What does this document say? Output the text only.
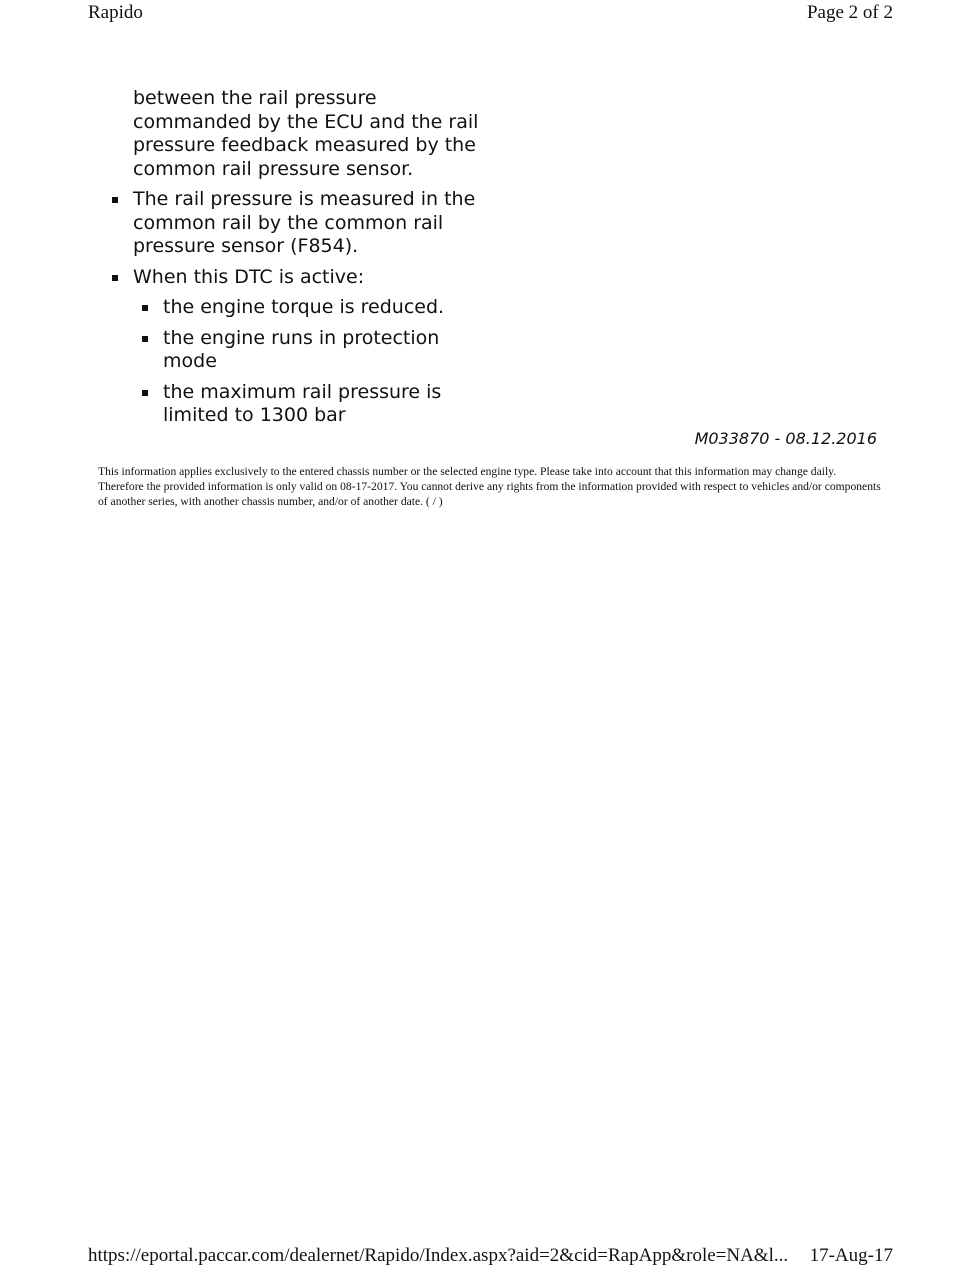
Rapido	Page 2 of 2

between the rail pressure commanded by the ECU and the rail pressure feedback measured by the common rail pressure sensor.

The rail pressure is measured in the common rail by the common rail pressure sensor (F854).
When this DTC is active:
the engine torque is reduced.
the engine runs in protection mode
the maximum rail pressure is limited to 1300 bar
M033870 - 08.12.2016
This information applies exclusively to the entered chassis number or the selected engine type. Please take into account that this information may change daily. Therefore the provided information is only valid on 08-17-2017. You cannot derive any rights from the information provided with respect to vehicles and/or components of another series, with another chassis number, and/or of another date. ( / )
https://eportal.paccar.com/dealernet/Rapido/Index.aspx?aid=2&cid=RapApp&role=NA&l... 17-Aug-17
